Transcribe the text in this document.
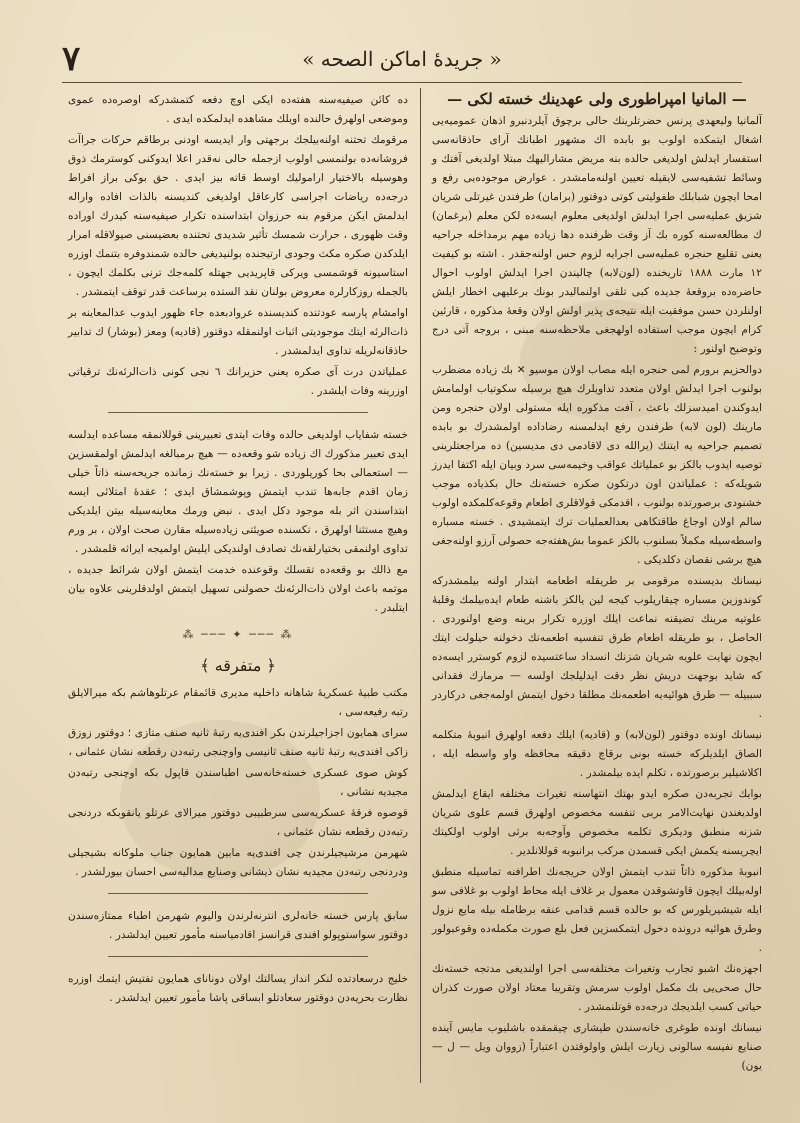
٧	« جریدهٔ اماکن الصحه »
— المانیا امپراطوری ولی عهدینك خسته لكی —

آلمانیا ولیعهدی پرنس حضرتلرینك حالی برچوق آیلردنبرو اذهان عمومیه‌یی اشغال ایتمكده اولوب بو بابده اك مشهور اطبانك آرای حاذقانه‌سی استفسار ایدلش اولدیغی حالده بنه مریض مشارالیهك مبتلا اولدیغی آفتك و وسائط تشفیه‌سی لایقیله تعیین اولنه‌مامشدر . عوارض موجوده‌یی رفع و امحا ایچون شبابلك طفولیتی كوتی دوقتور (برامان) طرفندن غیرتلی شریان شزیق عملیه‌سی اجرا ایدلش اولدیغی معلوم ایسه‌ده لكن معلم (برغمان) ك مطالعه‌سنه كوره بك آز وقت ظرفنده دها زیاده مهم برمداخله جراحیه یعنی تقلیع حنجره عملیه‌سی اجرایه لزوم حس اولنه‌جقدر . اشته بو كیفیت ١٢ مارت ١٨٨٨ تاریخنده (لون‌لابه) چالیندن اجرا ایدلش اولوب احوال حاضره‌ده بروقعهٔ جدیده كبی تلقی اولنمالیدر بونك برعلیهی اخطار ایلش اولنلردن حسن موفقیت ایله نتیجه‌ی پذیر اولش اولان وقعهٔ مذكوره ، قارئین كرام ایچون موجب استفاده اولهجغی ملاحظه‌سنه مبنی ، بروجه آتی درج وتوضیح اولنور :

دوالحزیم برورم لمی حنجره ایله مصاب اولان موسیو ✕ بك زیاده مضطرب بولنوب اجرا ایدلش اولان متعدد تداویلرك هیچ برسیله سكوتیاب اولمامش ایدوكندن امیدسزلك باعث ، آفت مذكوره ایله مستولی اولان حنجره ومن مارینك (لون لابه) طرفندن رفع ایدلمسنه رضاداده اولمشدرك بو بابده تصمیم جراحیه یه ایتنك (یرالله دی لاقادمی دی مدیسین) ده مراجعتلرینی توصیه ایدوب بالكز بو عملیاتك عواقب وخیمه‌سی سرد وبیان ایله اكتفا ایدرز شویله‌كه : عملیاتدن اون درتكون صكره خسته‌نك حال بكذیاده موجب خشنودی برصورتده بولنوب ، اقدمكی قولاقلری اطعام وقوعه‌كلمكده اولوب سالم اولان اوجاغ طاقتكاهی بعدالعملیات ترك ایتمشیدی . خسته مسباره واسطه‌سیله مكملاً بسلنوب بالكز عموما بش‌هفته‌جه حصولی آرزو اولنه‌جغی هیچ برشی نقصان دكلدیكی .

نیسانك بدیسنده مرقومی بر طریقله اطعامه ابتدار اولنه بیلمشدركه كوندوزین مسباره چیقاریلوب كیجه لین یالكز باشنه طعام ایده‌بیلمك وقلبهٔ علوتیه مرینك تضیقنه نماعت ایلك اوزره تكرار برینه وضع اولنوردی . الحاصل ، بو طریقله اطعام طرق تنفسیه اطعمه‌نك دخولنه حیلولت ایتك ایچون نهایت علویه شریان شزنك انسداد ساعتسیده لزوم كوسترر ایسه‌ده كه شاید بوجهت دریش نظر دقت ایدلیلجك اولسه — مرمارك فقدانی سببیله — طرق هوائیه‌یه اطعمه‌نك مطلقا دخول ایتمش اولمه‌جغی دركاردر .

نیسانك اونده دوقتور (لون‌لابه) و (قادیه) ایلك دفعه اولهرق انبوبهٔ متكلمه الصاق ایلدیلركه خسته بونی برقاچ دقیقه محافظه واو واسطه ایله ، اكلاشیلیر برصورتده ، تكلم ایده بیلمشدر .

بوایك تجربه‌دن صكره ایدو بهتك انتهاسنه تغیرات مختلفه ایقاع ایدلمش اولدیغندن نهایت‌الامر بربی تنفسه مخصوص اولهرق قسم علوی شریان شزنه منطبق ودیكری تكلمه مخصوص وآوجه‌به برثی اولوب اولكیتك ایچریسنه یكمش ایكی قسمدن مركب برانبوبه قوللانلدیر .

انبوبهٔ مذكوره ذاتاً تندب ایتمش اولان حریجه‌نك اطرافنه تماسیله منطبق اوله‌بیلك ایچون قاوتشوقدن معمول بر غلاف ایله محاط اولوب بو غلافی سو ایله شیشیریلورس كه بو حالده قسم قدامی عنقه برطامله بیله مایع نزول وطرق هوائیه درونده دخول ایتمكسزین فعل بلع صورت مكمله‌ده وقوعبولور .

اجهزه‌نك اشبو تجارب وتغیرات مختلفه‌سی اجرا اولندیغی مدتجه خسته‌نك حال صحی‌یی بك مكمل اولوب سرمش وتقریبا معتاد اولان صورت كذران حیاتی كسب ایلدیجك درجه‌ده قوتلنمشدر .

نیسانك اونده طوغری خانه‌سندن طیشاری چیقمقده باشلیوب مایس آینده صنایع نفیسه سالونی زیارت ایلش واولوقتدن اعتباراً (زووان ویل — ل — یون)

ده كائن صیفیه‌سنه هفته‌ده ایكی اوچ دفعه كتمشدركه اوصره‌ده عموی وموضعی اولهرق حالنده اویلك مشاهده ایدلمكده ایدی .

مرقومك تحتنه اولنه‌بیلجك برجهتی وار ایدیسه اودنی برطاقم حركات جراآت فروشانه‌ده بولنمسی اولوب ازجمله حالی نه‌قدر اعلا ایدوكنی كوسترمك ذوق وهوسیله بالاختیار ارامولیك اوسط قاته بیز ایدی . حق بوكی براز افراط درجه‌ده ریاضات اجراسی كارعاقل اولدیغی كندیسنه بالذات افاده واراله ایدلمش ایكن مرقوم بنه حرزوان ابتداسنده تكرار صیفیه‌سنه كیدرك اوراده وقت ظهوری ، حرارت شمسك تأثیر شدیدی تحتنده بعضیسنی صیولاقله امرار ایلدكدن صكره مكث وجودی ارتیجنده بولنیدیغی حالده شمندوفره بتنمك اوزره استاسیونه قوشمسی ویركی قاپریدیی جهتله كلمه‌جك ترنی بكلمك ایچون ، بالجمله روزكارلره معروض بولنان نقد الستده برساعت قدر توقف ایتمشدر .

اوامشام پارسه عودتنده كندیسنده عروادبعده جاء ظهور ایدوب عدالمعاینه بر ذات‌الرئه ایتك موجودیتی اثبات اولنمقله دوقتور (قادیه) ومعز (بوشار) ك تدابیر حاذقانه‌لریله تداوی ایدلمشدر .

عملیاتدن درت آی صكره یعنی حزیرانك ٦ نجی كونی ذات‌الرئه‌نك ترقیاتی اوزرینه وفات ایلشدر .

خسته شفایاب اولدیغی حالده وفات ایتدی تعبیرینی قوللانمقه مساعده ایدلسه ایدی تعبیر مذكورك اك زیاده شو وقعه‌ده — هیچ برمبالغه ایدلمش اولمقسزین — استعمالی بحا كوریلوردی . زیرا بو خسته‌نك زمانده جریحه‌سنه ذاتاً خیلی زمان اقدم جابه‌ها تندب ایتمش وپوشمشاق ایدی ؛ عقدهٔ امتلائی ایسه ابتداسندن اثر بله موجود دكل ایدی . نبض ورمك معاینه‌سیله بیتن ایلدیكی وهیچ مستثنا اولهرق ، تكسنده صویئتی زیاده‌سیله مقارن صحت اولان ، بر ورم تداوی اولنمقی بختیارلقه‌نك تصادف اولندیكی ایلیش اولمیجه ایراثه قلمشدر .

مع ذالك بو وقعه‌ده تقسلك وقوعنده خدمت ایتمش اولان شرائط جدیده ، موتمه باعث اولان ذات‌الرئه‌نك حصولنی تسهیل ایتمش اولدقلرینی علاوه بیان ایتلبدر .

⁂ ─── ✦ ─── ⁂
﴿ متفرقه ﴾

مكتب طبیهٔ عسكریهٔ شاهانه داخلیه مدیری قائمقام عرتلوهاشم بكه میرالایلق رتبه رفیعه‌سی ،

سرای همایون اجزاجیلرندن بكر افندی‌یه رتبهٔ ثانیه صنف متازی ؛ دوقتور زوزق زاكی افندی‌یه رتبهٔ ثانیه صنف ثانیسی واوچنجی رتبه‌دن رقطعه نشان عثمانی ،

كوش صوی عسكری خسته‌خانه‌سی اطباسندن قاپول بكه اوچنجی رتبه‌دن مجیدیه نشانی ،

قوصوه فرقهٔ عسكریه‌سی سرطبیبی دوقتور میرالای عرتلو یانقوبكه دردنجی رتبه‌دن رقطعه نشان عثمانی ،

شهرمن مرشیجیلرندن چی افندی‌یه مابین همایون جناب ملوكانه بشیجیلی ودردنجی رتبه‌دن مجیدیه نشان ذیشانی وصنایع مدالیه‌سی احسان بیورلشدر .

سابق پارس خسته خانه‌لری انترنه‌لرندن والیوم شهرمن اطباء ممتازه‌سندن دوقتور سواستوپولو افندی قرانسز اقادمیاسنه مأمور تعیین ایدلشدر .

خلیج درسعادتده لنكر انداز یسالتك اولان دونانای همایون تفتیش ایتمك اوزره نظارت بحریه‌دن دوقتور سعادتلو ابساقی پاشا مأمور تعیین ایدلشدر .
